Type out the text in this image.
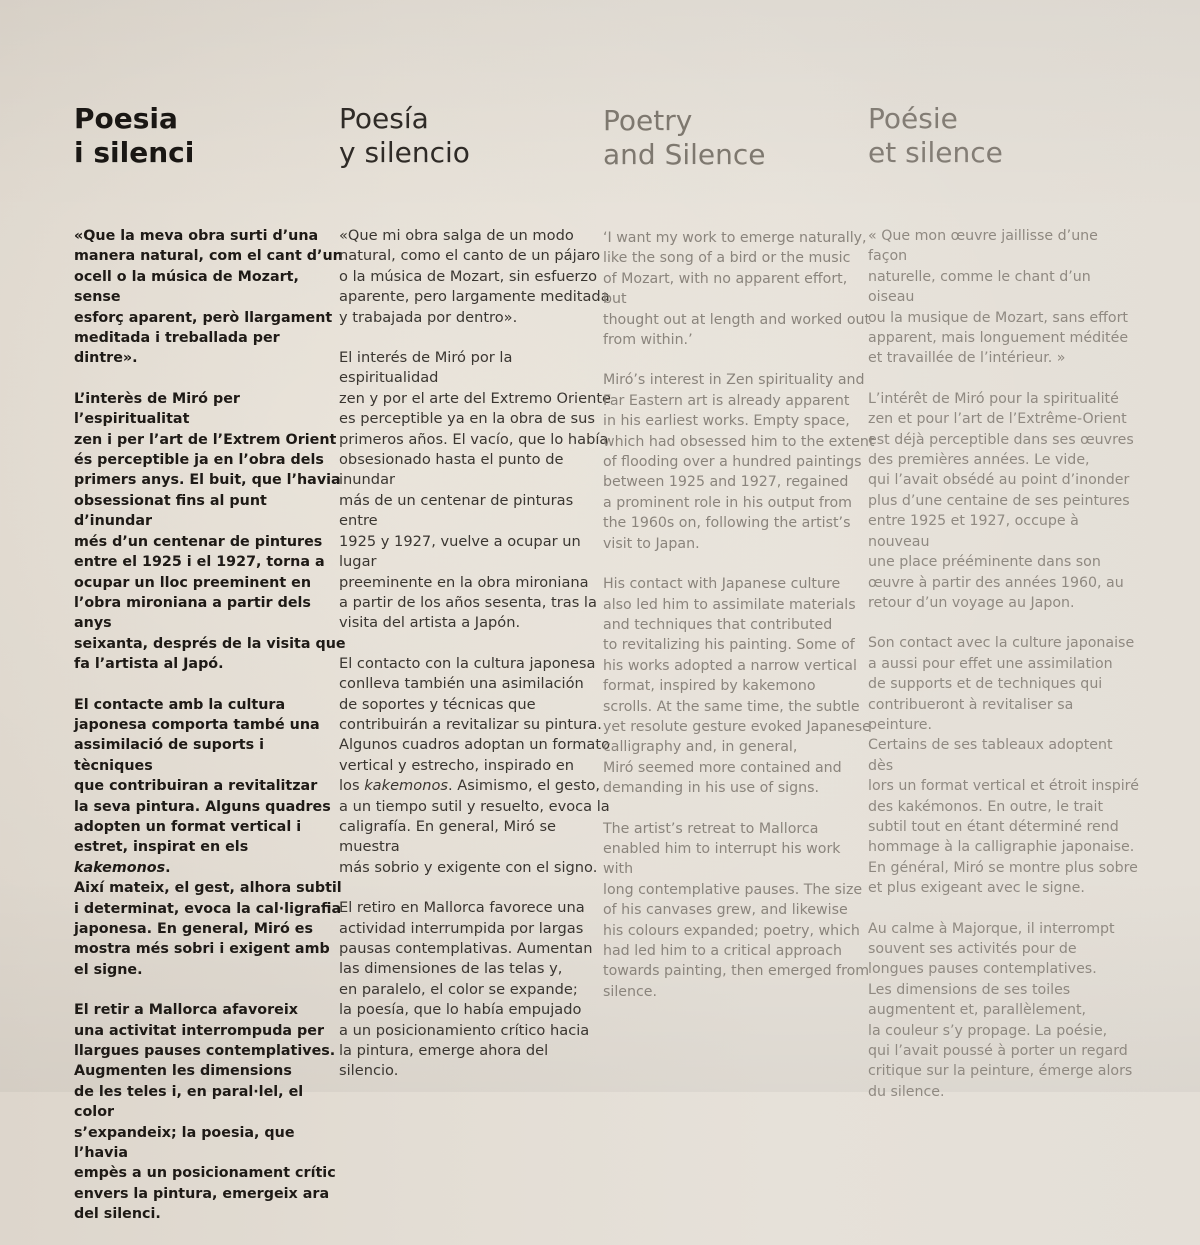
Poesia
i silenci

«Que la meva obra surti d’una
manera natural, com el cant d’un
ocell o la música de Mozart, sense
esforç aparent, però llargament
meditada i treballada per dintre».

L’interès de Miró per l’espiritualitat
zen i per l’art de l’Extrem Orient
és perceptible ja en l’obra dels
primers anys. El buit, que l’havia
obsessionat fins al punt d’inundar
més d’un centenar de pintures
entre el 1925 i el 1927, torna a
ocupar un lloc preeminent en
l’obra mironiana a partir dels anys
seixanta, després de la visita que
fa l’artista al Japó.

El contacte amb la cultura
japonesa comporta també una
assimilació de suports i tècniques
que contribuiran a revitalitzar
la seva pintura. Alguns quadres
adopten un format vertical i
estret, inspirat en els kakemonos.
Així mateix, el gest, alhora subtil
i determinat, evoca la cal·ligrafia
japonesa. En general, Miró es
mostra més sobri i exigent amb
el signe.

El retir a Mallorca afavoreix
una activitat interrompuda per
llargues pauses contemplatives.
Augmenten les dimensions
de les teles i, en paral·lel, el color
s’expandeix; la poesia, que l’havia
empès a un posicionament crític
envers la pintura, emergeix ara
del silenci.

Poesía
y silencio

«Que mi obra salga de un modo
natural, como el canto de un pájaro
o la música de Mozart, sin esfuerzo
aparente, pero largamente meditada
y trabajada por dentro».

El interés de Miró por la espiritualidad
zen y por el arte del Extremo Oriente
es perceptible ya en la obra de sus
primeros años. El vacío, que lo había
obsesionado hasta el punto de inundar
más de un centenar de pinturas entre
1925 y 1927, vuelve a ocupar un lugar
preeminente en la obra mironiana
a partir de los años sesenta, tras la
visita del artista a Japón.

El contacto con la cultura japonesa
conlleva también una asimilación
de soportes y técnicas que
contribuirán a revitalizar su pintura.
Algunos cuadros adoptan un formato
vertical y estrecho, inspirado en
los kakemonos. Asimismo, el gesto,
a un tiempo sutil y resuelto, evoca la
caligrafía. En general, Miró se muestra
más sobrio y exigente con el signo.

El retiro en Mallorca favorece una
actividad interrumpida por largas
pausas contemplativas. Aumentan
las dimensiones de las telas y,
en paralelo, el color se expande;
la poesía, que lo había empujado
a un posicionamiento crítico hacia
la pintura, emerge ahora del silencio.

Poetry
and Silence

‘I want my work to emerge naturally,
like the song of a bird or the music
of Mozart, with no apparent effort, but
thought out at length and worked out
from within.’

Miró’s interest in Zen spirituality and
Far Eastern art is already apparent
in his earliest works. Empty space,
which had obsessed him to the extent
of flooding over a hundred paintings
between 1925 and 1927, regained
a prominent role in his output from
the 1960s on, following the artist’s
visit to Japan.

His contact with Japanese culture
also led him to assimilate materials
and techniques that contributed
to revitalizing his painting. Some of
his works adopted a narrow vertical
format, inspired by kakemono
scrolls. At the same time, the subtle
yet resolute gesture evoked Japanese
calligraphy and, in general,
Miró seemed more contained and
demanding in his use of signs.

The artist’s retreat to Mallorca
enabled him to interrupt his work with
long contemplative pauses. The size
of his canvases grew, and likewise
his colours expanded; poetry, which
had led him to a critical approach
towards painting, then emerged from
silence.

Poésie
et silence

« Que mon œuvre jaillisse d’une façon
naturelle, comme le chant d’un oiseau
ou la musique de Mozart, sans effort
apparent, mais longuement méditée
et travaillée de l’intérieur. »

L’intérêt de Miró pour la spiritualité
zen et pour l’art de l’Extrême-Orient
est déjà perceptible dans ses œuvres
des premières années. Le vide,
qui l’avait obsédé au point d’inonder
plus d’une centaine de ses peintures
entre 1925 et 1927, occupe à nouveau
une place prééminente dans son
œuvre à partir des années 1960, au
retour d’un voyage au Japon.

Son contact avec la culture japonaise
a aussi pour effet une assimilation
de supports et de techniques qui
contribueront à revitaliser sa peinture.
Certains de ses tableaux adoptent dès
lors un format vertical et étroit inspiré
des kakémonos. En outre, le trait
subtil tout en étant déterminé rend
hommage à la calligraphie japonaise.
En général, Miró se montre plus sobre
et plus exigeant avec le signe.

Au calme à Majorque, il interrompt
souvent ses activités pour de
longues pauses contemplatives.
Les dimensions de ses toiles
augmentent et, parallèlement,
la couleur s’y propage. La poésie,
qui l’avait poussé à porter un regard
critique sur la peinture, émerge alors
du silence.
